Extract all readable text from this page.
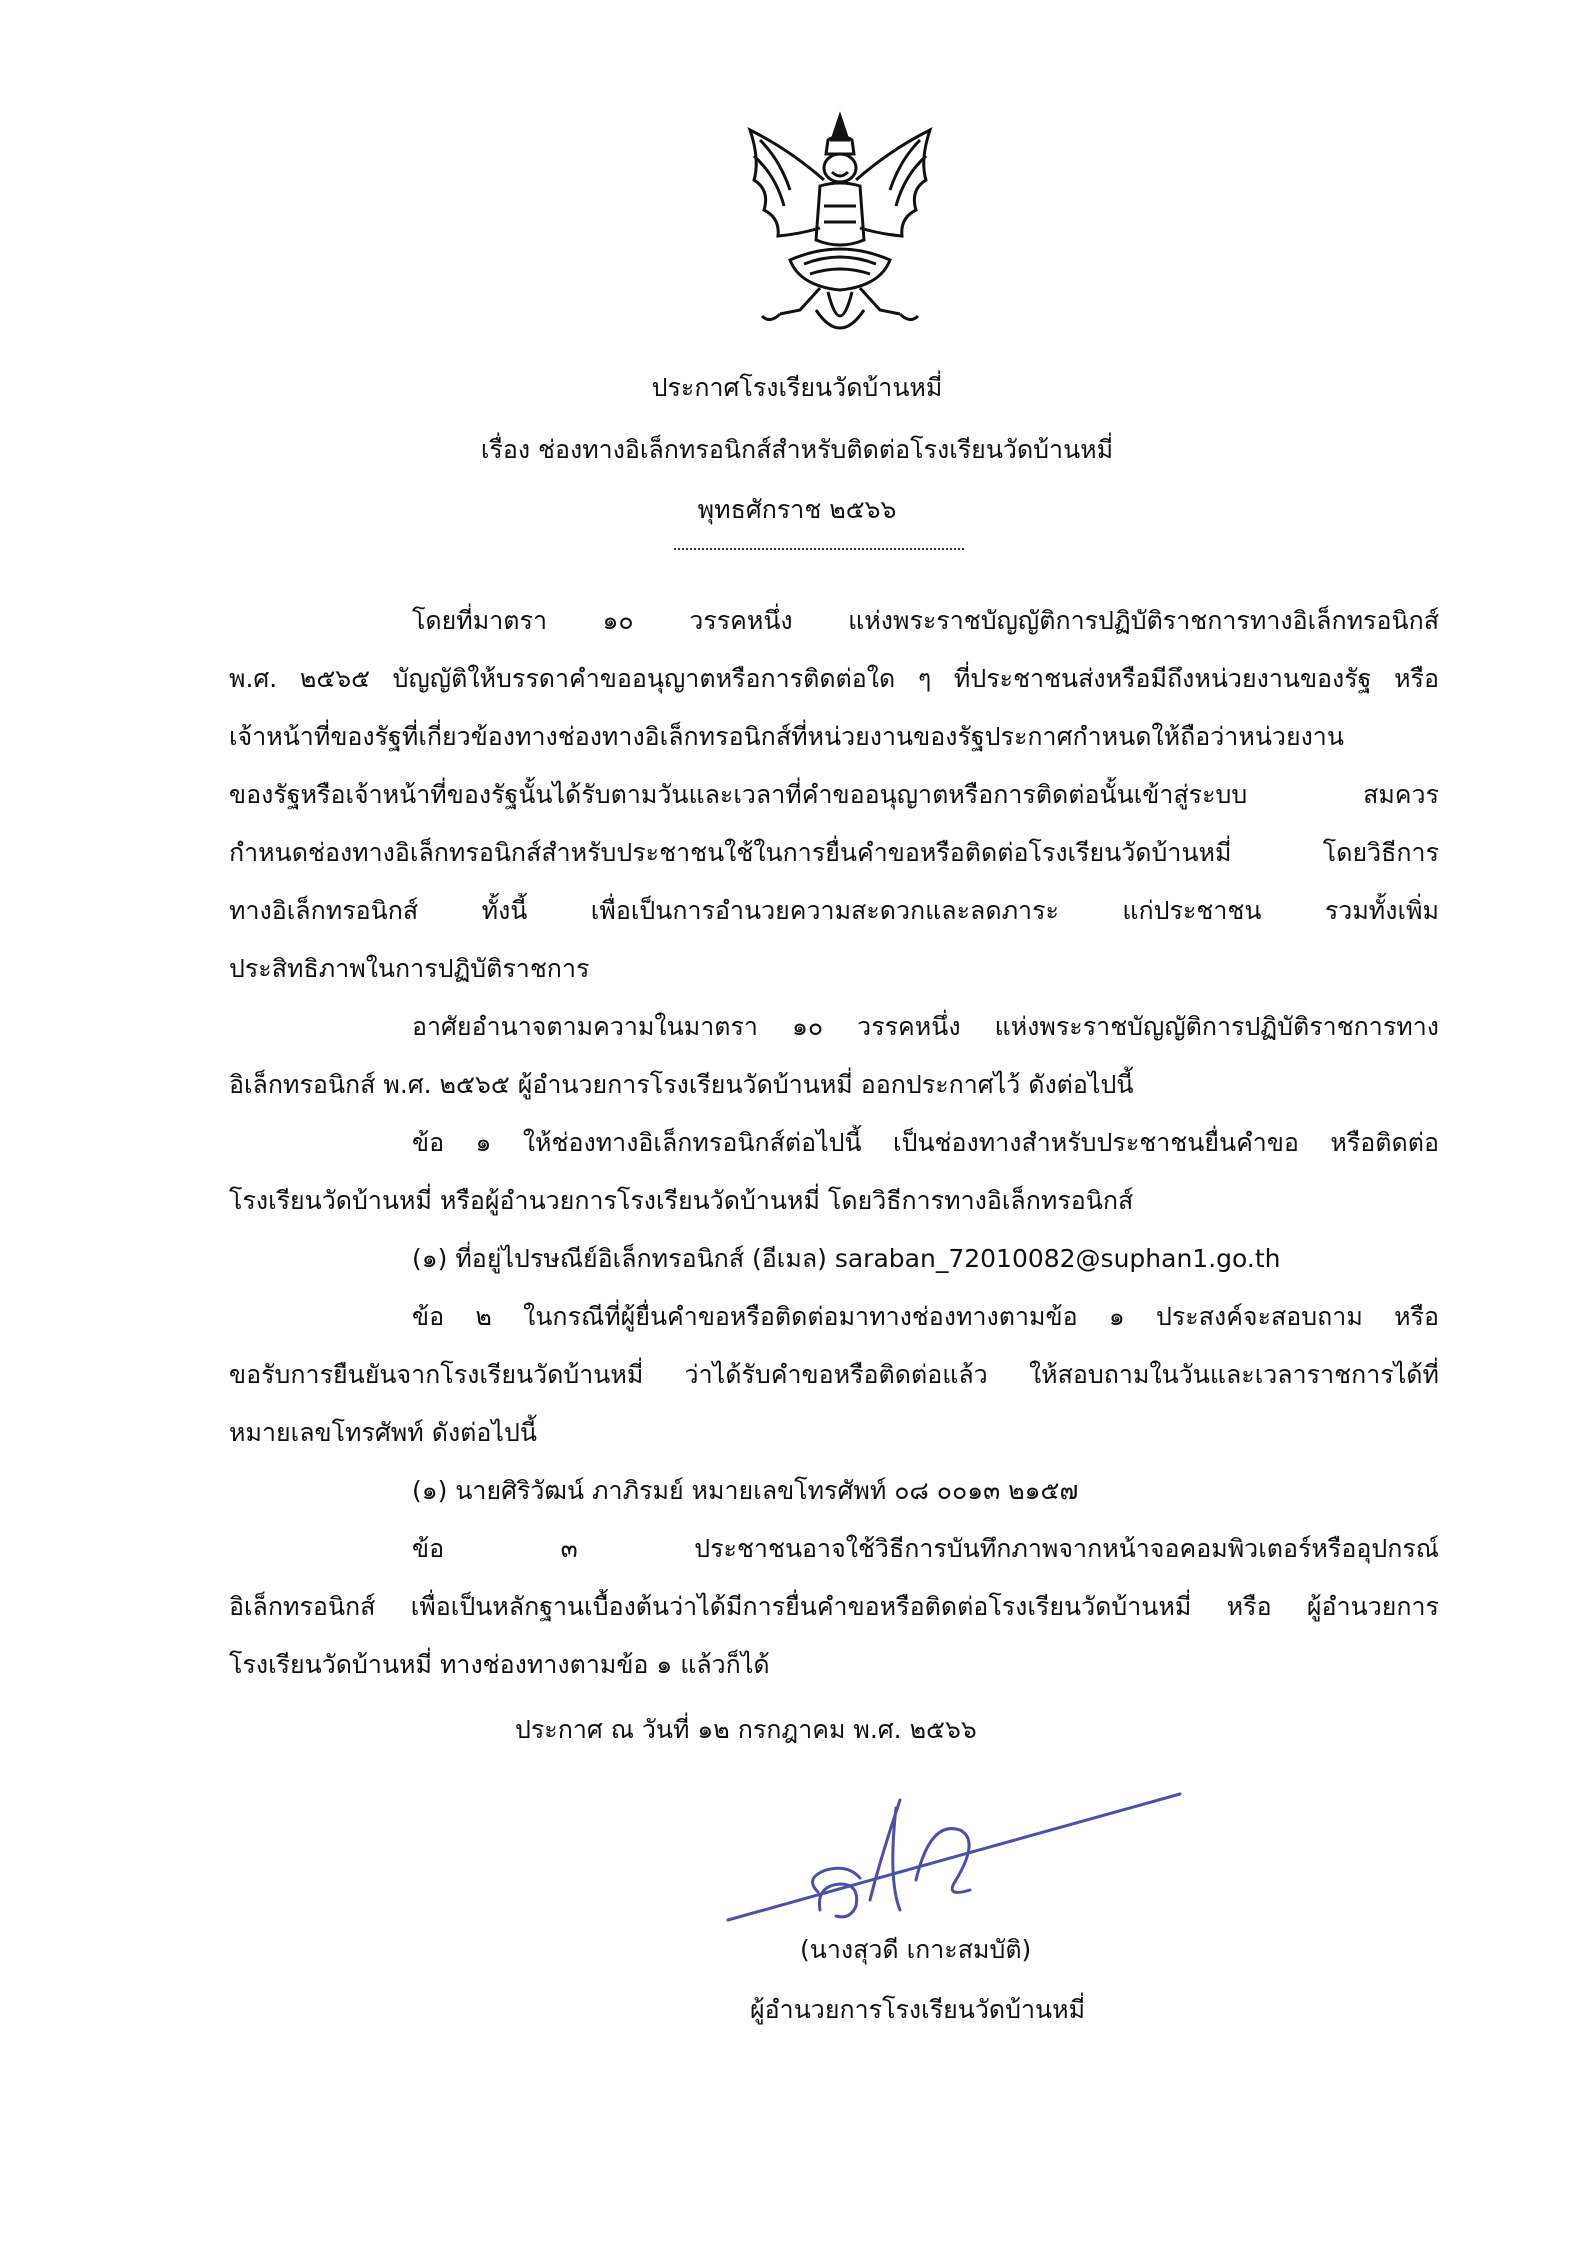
ประกาศโรงเรียนวัดบ้านหมี่
เรื่อง ช่องทางอิเล็กทรอนิกส์สำหรับติดต่อโรงเรียนวัดบ้านหมี่
พุทธศักราช ๒๕๖๖
โดยที่มาตรา ๑๐ วรรคหนึ่ง แห่งพระราชบัญญัติการปฏิบัติราชการทางอิเล็กทรอนิกส์
พ.ศ. ๒๕๖๕ บัญญัติให้บรรดาคำขออนุญาตหรือการติดต่อใด ๆ ที่ประชาชนส่งหรือมีถึงหน่วยงานของรัฐ หรือ
เจ้าหน้าที่ของรัฐที่เกี่ยวข้องทางช่องทางอิเล็กทรอนิกส์ที่หน่วยงานของรัฐประกาศกำหนดให้ถือว่าหน่วยงาน
ของรัฐหรือเจ้าหน้าที่ของรัฐนั้นได้รับตามวันและเวลาที่คำขออนุญาตหรือการติดต่อนั้นเข้าสู่ระบบ สมควร
กำหนดช่องทางอิเล็กทรอนิกส์สำหรับประชาชนใช้ในการยื่นคำขอหรือติดต่อโรงเรียนวัดบ้านหมี่ โดยวิธีการ
ทางอิเล็กทรอนิกส์ ทั้งนี้ เพื่อเป็นการอำนวยความสะดวกและลดภาระ แก่ประชาชน รวมทั้งเพิ่ม
ประสิทธิภาพในการปฏิบัติราชการ
อาศัยอำนาจตามความในมาตรา ๑๐ วรรคหนึ่ง แห่งพระราชบัญญัติการปฏิบัติราชการทาง
อิเล็กทรอนิกส์ พ.ศ. ๒๕๖๕ ผู้อำนวยการโรงเรียนวัดบ้านหมี่ ออกประกาศไว้ ดังต่อไปนี้
ข้อ ๑ ให้ช่องทางอิเล็กทรอนิกส์ต่อไปนี้ เป็นช่องทางสำหรับประชาชนยื่นคำขอ หรือติดต่อ
โรงเรียนวัดบ้านหมี่ หรือผู้อำนวยการโรงเรียนวัดบ้านหมี่ โดยวิธีการทางอิเล็กทรอนิกส์
(๑) ที่อยู่ไปรษณีย์อิเล็กทรอนิกส์ (อีเมล) saraban_72010082@suphan1.go.th
ข้อ ๒ ในกรณีที่ผู้ยื่นคำขอหรือติดต่อมาทางช่องทางตามข้อ ๑ ประสงค์จะสอบถาม หรือ
ขอรับการยืนยันจากโรงเรียนวัดบ้านหมี่ ว่าได้รับคำขอหรือติดต่อแล้ว ให้สอบถามในวันและเวลาราชการได้ที่
หมายเลขโทรศัพท์ ดังต่อไปนี้
(๑) นายศิริวัฒน์ ภาภิรมย์ หมายเลขโทรศัพท์ ๐๘ ๐๐๑๓ ๒๑๕๗
ข้อ ๓ ประชาชนอาจใช้วิธีการบันทึกภาพจากหน้าจอคอมพิวเตอร์หรืออุปกรณ์
อิเล็กทรอนิกส์ เพื่อเป็นหลักฐานเบื้องต้นว่าได้มีการยื่นคำขอหรือติดต่อโรงเรียนวัดบ้านหมี่ หรือ ผู้อำนวยการ
โรงเรียนวัดบ้านหมี่ ทางช่องทางตามข้อ ๑ แล้วก็ได้
ประกาศ ณ วันที่ ๑๒ กรกฎาคม พ.ศ. ๒๕๖๖
(นางสุวดี เกาะสมบัติ)
ผู้อำนวยการโรงเรียนวัดบ้านหมี่
